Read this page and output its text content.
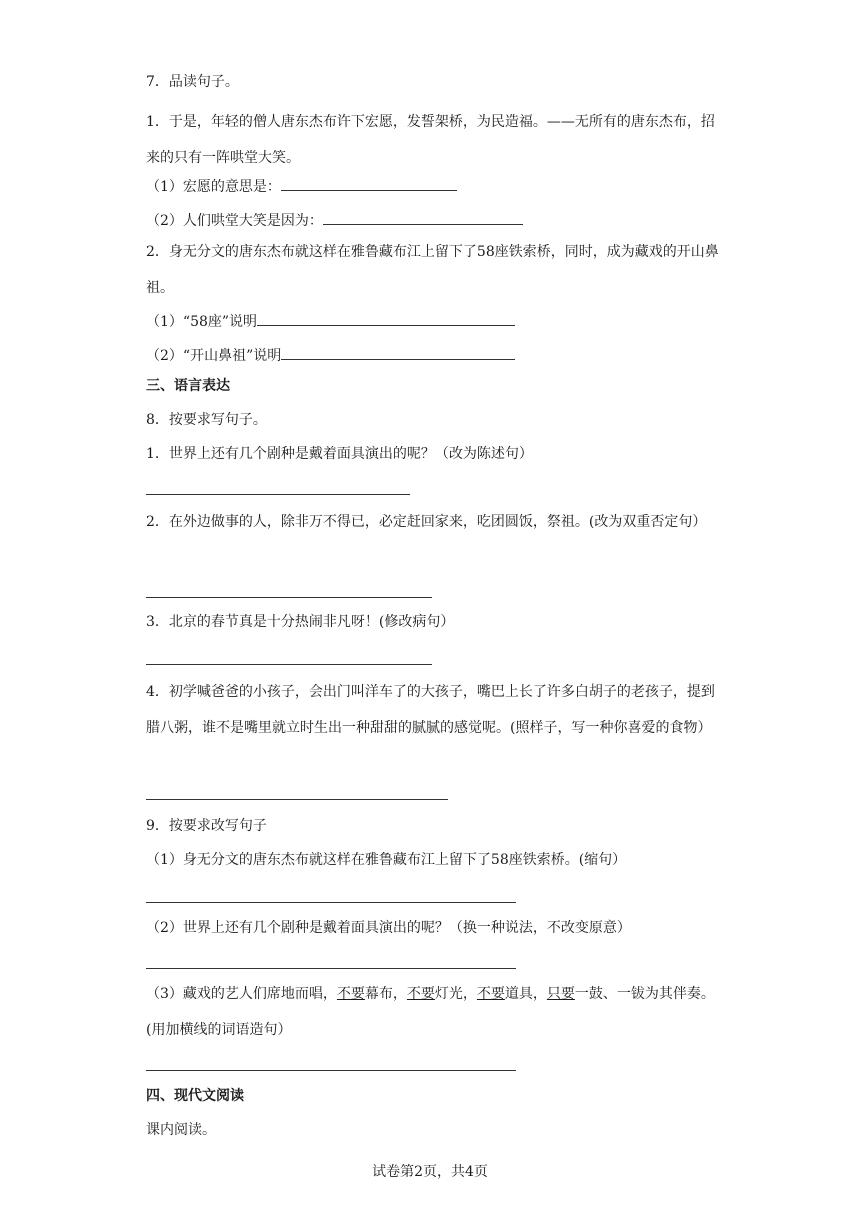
7．品读句子。
1．于是，年轻的僧人唐东杰布许下宏愿，发誓架桥，为民造福。——无所有的唐东杰布，招来的只有一阵哄堂大笑。
（1）宏愿的意思是：
（2）人们哄堂大笑是因为：
2．身无分文的唐东杰布就这样在雅鲁藏布江上留下了58座铁索桥，同时，成为藏戏的开山鼻祖。
（1）“58座”说明
（2）“开山鼻祖”说明
三、语言表达
8．按要求写句子。
1．世界上还有几个剧种是戴着面具演出的呢？（改为陈述句）
2．在外边做事的人，除非万不得已，必定赶回家来，吃团圆饭，祭祖。(改为双重否定句）
3．北京的春节真是十分热闹非凡呀！(修改病句）
4．初学喊爸爸的小孩子，会出门叫洋车了的大孩子，嘴巴上长了许多白胡子的老孩子，提到腊八粥，谁不是嘴里就立时生出一种甜甜的腻腻的感觉呢。(照样子，写一种你喜爱的食物）
9．按要求改写句子
（1）身无分文的唐东杰布就这样在雅鲁藏布江上留下了58座铁索桥。(缩句）
（2）世界上还有几个剧种是戴着面具演出的呢？（换一种说法，不改变原意）
（3）藏戏的艺人们席地而唱，不要幕布，不要灯光，不要道具，只要一鼓、一钹为其伴奏。(用加横线的词语造句）
四、现代文阅读
课内阅读。
试卷第2页，共4页
